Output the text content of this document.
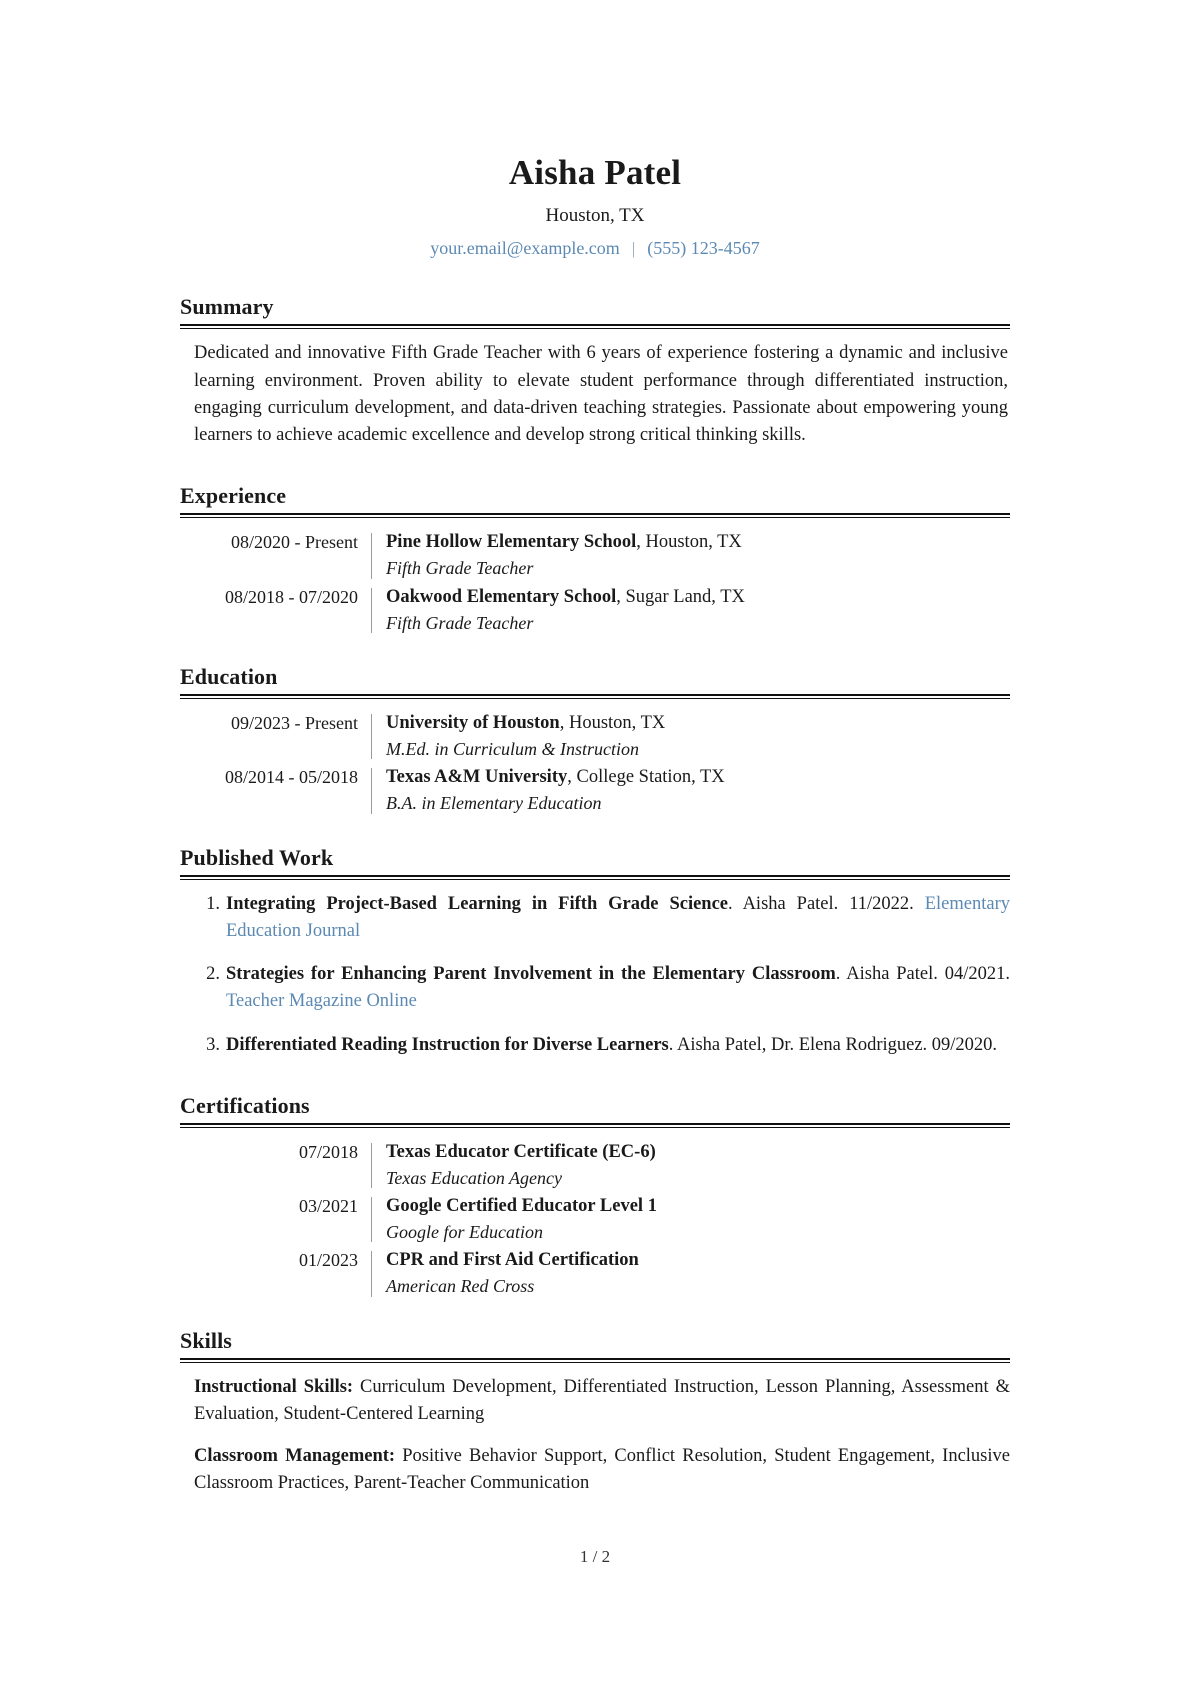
Aisha Patel
Houston, TX
your.email@example.com | (555) 123-4567
Summary

Dedicated and innovative Fifth Grade Teacher with 6 years of experience fostering a dynamic and inclusive learning environment. Proven ability to elevate student performance through differentiated instruction, engaging curriculum development, and data-driven teaching strategies. Passionate about empowering young learners to achieve academic excellence and develop strong critical thinking skills.

Experience
08/2020 - Present	Pine Hollow Elementary School, Houston, TX
Fifth Grade Teacher
08/2018 - 07/2020	Oakwood Elementary School, Sugar Land, TX
Fifth Grade Teacher
Education
09/2023 - Present	University of Houston, Houston, TX
M.Ed. in Curriculum & Instruction
08/2014 - 05/2018	Texas A&M University, College Station, TX
B.A. in Elementary Education
Published Work
Integrating Project-Based Learning in Fifth Grade Science. Aisha Patel. 11/2022. Elementary Education Journal
Strategies for Enhancing Parent Involvement in the Elementary Classroom. Aisha Patel. 04/2021. Teacher Magazine Online
Differentiated Reading Instruction for Diverse Learners. Aisha Patel, Dr. Elena Rodriguez. 09/2020.
Certifications
07/2018	Texas Educator Certificate (EC-6)
Texas Education Agency
03/2021	Google Certified Educator Level 1
Google for Education
01/2023	CPR and First Aid Certification
American Red Cross
Skills
Instructional Skills: Curriculum Development, Differentiated Instruction, Lesson Planning, Assessment & Evaluation, Student-Centered Learning
Classroom Management: Positive Behavior Support, Conflict Resolution, Student Engagement, Inclusive Classroom Practices, Parent-Teacher Communication
1 / 2
